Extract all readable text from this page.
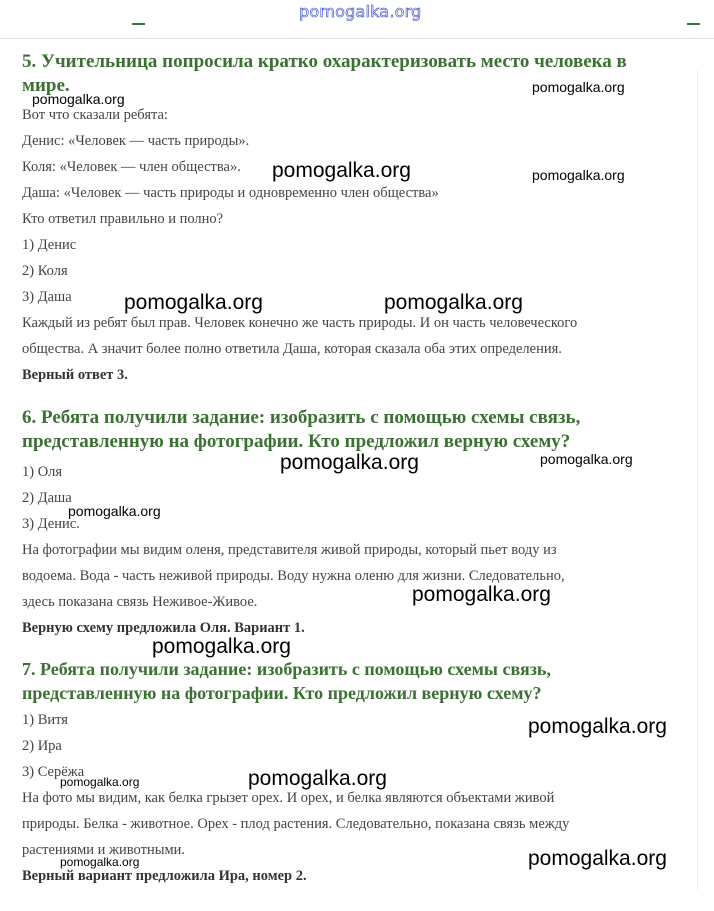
pomogalka.org
5. Учительница попросила кратко охарактеризовать место человека в
мире.
Вот что сказали ребята:
Денис: «Человек — часть природы».
Коля: «Человек — член общества».
Даша: «Человек — часть природы и одновременно член общества»
Кто ответил правильно и полно?
1) Денис
2) Коля
3) Даша
Каждый из ребят был прав. Человек конечно же часть природы. И он часть человеческого
общества. А значит более полно ответила Даша, которая сказала оба этих определения.
Верный ответ 3.
6. Ребята получили задание: изобразить с помощью схемы связь,
представленную на фотографии. Кто предложил верную схему?
1) Оля
2) Даша
3) Денис.
На фотографии мы видим оленя, представителя живой природы, который пьет воду из
водоема. Вода - часть неживой природы. Воду нужна оленю для жизни. Следовательно,
здесь показана связь Неживое-Живое.
Верную схему предложила Оля. Вариант 1.
7. Ребята получили задание: изобразить с помощью схемы связь,
представленную на фотографии. Кто предложил верную схему?
1) Витя
2) Ира
3) Серёжа
На фото мы видим, как белка грызет орех. И орех, и белка являются объектами живой
природы. Белка - животное. Орех - плод растения. Следовательно, показана связь между
растениями и животными.
Верный вариант предложила Ира, номер 2.
pomogalka.org
pomogalka.org
pomogalka.org	pomogalka.org
pomogalka.org	pomogalka.org
pomogalka.org	pomogalka.org
pomogalka.org
pomogalka.org
pomogalka.org
pomogalka.org
pomogalka.org
pomogalka.org
pomogalka.org
pomogalka.org
